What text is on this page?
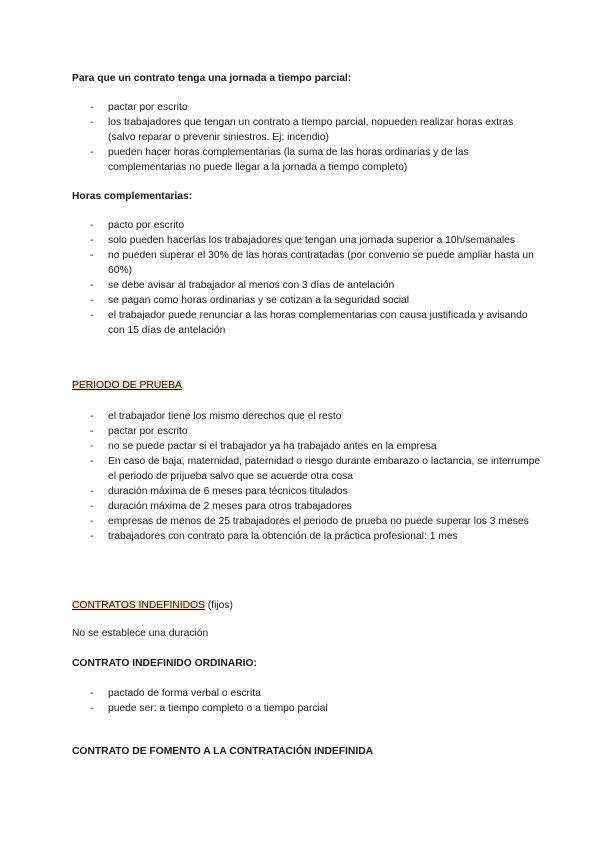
Para que un contrato tenga una jornada a tiempo parcial:
- pactar por escrito
- los trabajadores que tengan un contrato a tiempo parcial, nopueden realizar horas extras (salvo reparar o prevenir siniestros. Ej: incendio)
- pueden hacer horas complementarias (la suma de las horas ordinarias y de las complementarias no puede llegar a la jornada a tiempo completo)
Horas complementarias:
- pacto por escrito
- solo pueden hacerlas los trabajadores que tengan una jornada superior a 10h/semanales
- no pueden superar el 30% de las horas contratadas (por convenio se puede ampliar hasta un 60%)
- se debe avisar al trabajador al menos con 3 días de antelación
- se pagan como horas ordinarias y se cotizan a la seguridad social
- el trabajador puede renunciar a las horas complementarias con causa justificada y avisando con 15 días de antelación

PERIODO DE PRUEBA

- el trabajador tiene los mismo derechos que el resto
- pactar por escrito
- no se puede pactar si el trabajador ya ha trabajado antes en la empresa
- En caso de baja, maternidad, paternidad o riesgo durante embarazo o lactancia, se interrumpe el periodo de prijueba salvo que se acuerde otra cosa
- duración máxima de 6 meses para técnicos titulados
- duración máxima de 2 meses para otros trabajadores
- empresas de menos de 25 trabajadores el periodo de prueba no puede superar los 3 meses
- trabajadores con contrato para la obtención de la práctica profesional: 1 mes

CONTRATOS INDEFINIDOS (fijos)

No se establece una duración

CONTRATO INDEFINIDO ORDINARIO:
- pactado de forma verbal o escrita
- puede ser: a tiempo completo o a tiempo parcial
CONTRATO DE FOMENTO A LA CONTRATACIÓN INDEFINIDA
